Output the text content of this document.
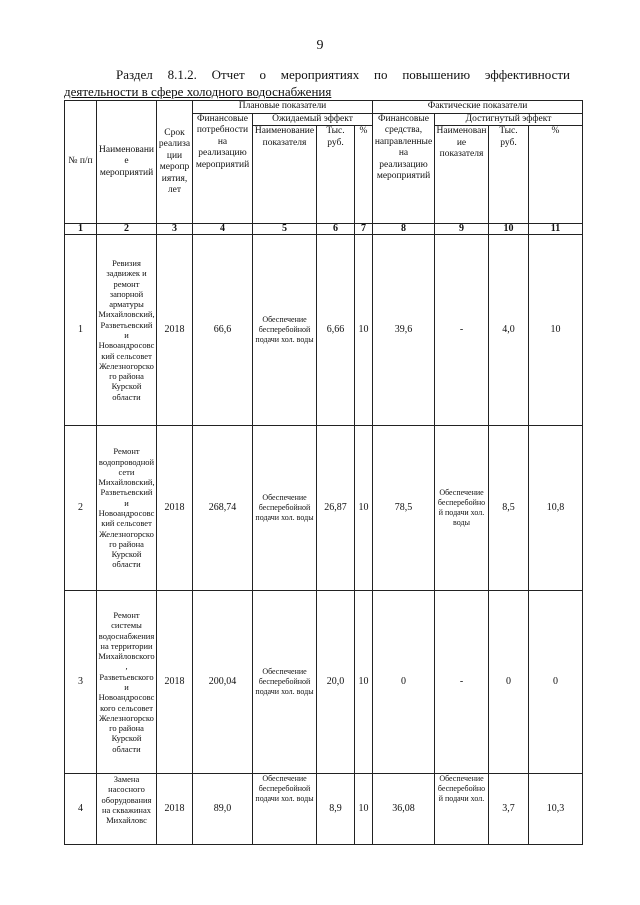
9
Раздел 8.1.2. Отчет о мероприятиях по повышению эффективности
деятельности в сфере холодного водоснабжения
№ п/п	Наименование мероприятий	Срок реализации мероприятия, лет	Плановые показатели				Фактические показатели			
			Финансовые потребности на реализацию мероприятий	Ожидаемый эффект			Финансовые средства, направленные на реализацию мероприятий	Достигнутый эффект		
				Наименование показателя	Тыс. руб.	%		Наименование показателя	Тыс. руб.	%
1	2	3	4	5	6	7	8	9	10	11
1	Ревизия задвижек и ремонт запорной арматуры Михайловский, Разветьевский и Новоандросовский сельсовет Железногорского района Курской области	2018	66,6	Обеспечение бесперебойной подачи хол. воды	6,66	10	39,6	-	4,0	10
2	Ремонт водопроводной сети Михайловский, Разветьевский и Новоандросовский сельсовет Железногорского района Курской области	2018	268,74	Обеспечение бесперебойной подачи хол. воды	26,87	10	78,5	Обеспечение бесперебойной подачи хол. воды	8,5	10,8
3	Ремонт системы водоснабжения на территории Михайловского, Разветьевского и Новоандросовского сельсовет Железногорского района Курской области	2018	200,04	Обеспечение бесперебойной подачи хол. воды	20,0	10	0	-	0	0
4	Замена насосного оборудования на скважинах Михайловс	2018	89,0	Обеспечение бесперебойной подачи хол. воды	8,9	10	36,08	Обеспечение бесперебойной подачи хол.	3,7	10,3
